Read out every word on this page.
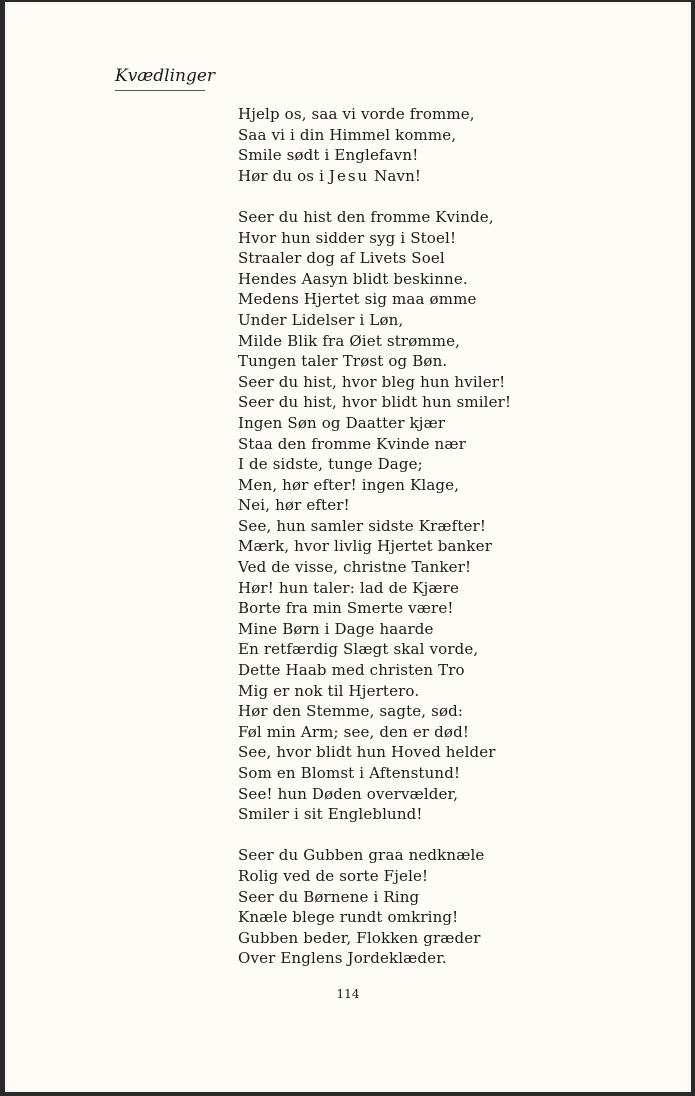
Kvædlinger
Hjelp os, saa vi vorde fromme,
Saa vi i din Himmel komme,
Smile sødt i Englefavn!
Hør du os i Jesu Navn!
Seer du hist den fromme Kvinde,
Hvor hun sidder syg i Stoel!
Straaler dog af Livets Soel
Hendes Aasyn blidt beskinne.
Medens Hjertet sig maa ømme
Under Lidelser i Løn,
Milde Blik fra Øiet strømme,
Tungen taler Trøst og Bøn.
Seer du hist, hvor bleg hun hviler!
Seer du hist, hvor blidt hun smiler!
Ingen Søn og Daatter kjær
Staa den fromme Kvinde nær
I de sidste, tunge Dage;
Men, hør efter! ingen Klage,
Nei, hør efter!
See, hun samler sidste Kræfter!
Mærk, hvor livlig Hjertet banker
Ved de visse, christne Tanker!
Hør! hun taler: lad de Kjære
Borte fra min Smerte være!
Mine Børn i Dage haarde
En retfærdig Slægt skal vorde,
Dette Haab med christen Tro
Mig er nok til Hjertero.
Hør den Stemme, sagte, sød:
Føl min Arm; see, den er død!
See, hvor blidt hun Hoved helder
Som en Blomst i Aftenstund!
See! hun Døden overvælder,
Smiler i sit Engleblund!
Seer du Gubben graa nedknæle
Rolig ved de sorte Fjele!
Seer du Børnene i Ring
Knæle blege rundt omkring!
Gubben beder, Flokken græder
Over Englens Jordeklæder.
114
